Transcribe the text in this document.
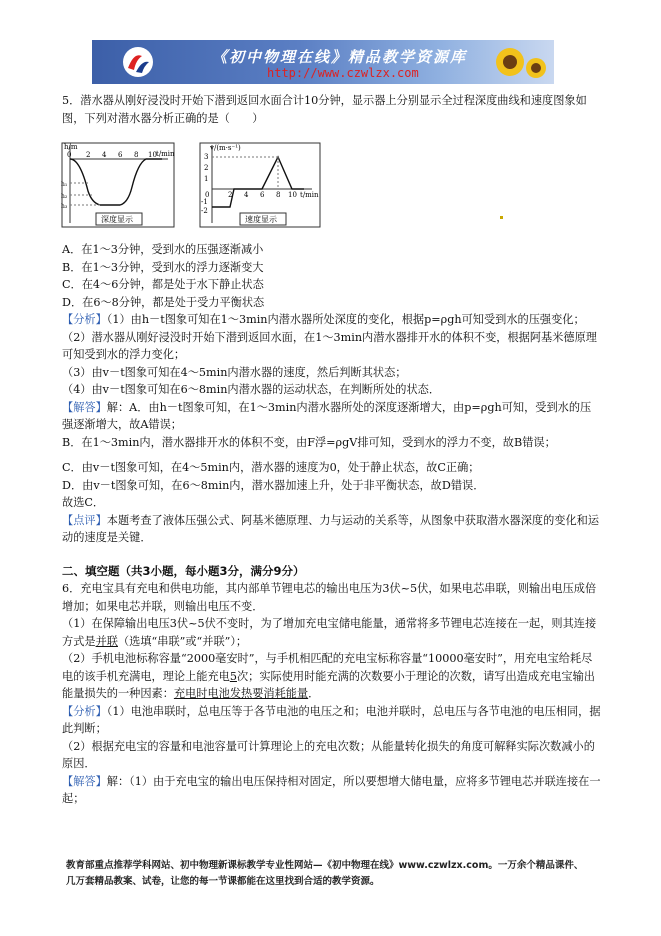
《初中物理在线》精品教学资源库
http://www.czwlzx.com

5．潜水器从刚好浸没时开始下潜到返回水面合计10分钟，显示器上分别显示全过程深度曲线和速度图象如图，下列对潜水器分析正确的是（　　）

h/m
t/min
0 2 4 6 8 10
h₁
h₂
h₃
深度显示
v/(m·s⁻¹)
t/min
3
2
1
0
-1
-2
2 4 6 8 10
速度显示

A．在1～3分钟，受到水的压强逐渐减小

B．在1～3分钟，受到水的浮力逐渐变大

C．在4～6分钟，都是处于水下静止状态

D．在6～8分钟，都是处于受力平衡状态

【分析】（1）由h－t图象可知在1～3min内潜水器所处深度的变化，根据p=ρgh可知受到水的压强变化；

（2）潜水器从刚好浸没时开始下潜到返回水面，在1～3min内潜水器排开水的体积不变，根据阿基米德原理可知受到水的浮力变化；

（3）由v－t图象可知在4～5min内潜水器的速度，然后判断其状态；

（4）由v－t图象可知在6～8min内潜水器的运动状态，在判断所处的状态．

【解答】解：A．由h－t图象可知，在1～3min内潜水器所处的深度逐渐增大，由p=ρgh可知，受到水的压强逐渐增大，故A错误；

B．在1～3min内，潜水器排开水的体积不变，由F浮=ρgV排可知，受到水的浮力不变，故B错误；

C．由v－t图象可知，在4～5min内，潜水器的速度为0，处于静止状态，故C正确；

D．由v－t图象可知，在6～8min内，潜水器加速上升，处于非平衡状态，故D错误．

故选C．

【点评】本题考查了液体压强公式、阿基米德原理、力与运动的关系等，从图象中获取潜水器深度的变化和运动的速度是关键．

二、填空题（共3小题，每小题3分，满分9分）

6．充电宝具有充电和供电功能，其内部单节锂电芯的输出电压为3伏~5伏，如果电芯串联，则输出电压成倍增加；如果电芯并联，则输出电压不变．

（1）在保障输出电压3伏~5伏不变时，为了增加充电宝储电能量，通常将多节锂电芯连接在一起，则其连接方式是并联（选填“串联”或“并联”）；

（2）手机电池标称容量“2000毫安时”，与手机相匹配的充电宝标称容量“10000毫安时”，用充电宝给耗尽电的该手机充满电，理论上能充电5次；实际使用时能充满的次数要小于理论的次数，请写出造成充电宝输出能量损失的一种因素：充电时电池发热要消耗能量．

【分析】（1）电池串联时，总电压等于各节电池的电压之和；电池并联时，总电压与各节电池的电压相同，据此判断；

（2）根据充电宝的容量和电池容量可计算理论上的充电次数；从能量转化损失的角度可解释实际次数减小的原因．

【解答】解：（1）由于充电宝的输出电压保持相对固定，所以要想增大储电量，应将多节锂电芯并联连接在一起；

教育部重点推荐学科网站、初中物理新课标教学专业性网站—《初中物理在线》www.czwlzx.com。一万余个精品课件、
几万套精品教案、试卷，让您的每一节课都能在这里找到合适的教学资源。
